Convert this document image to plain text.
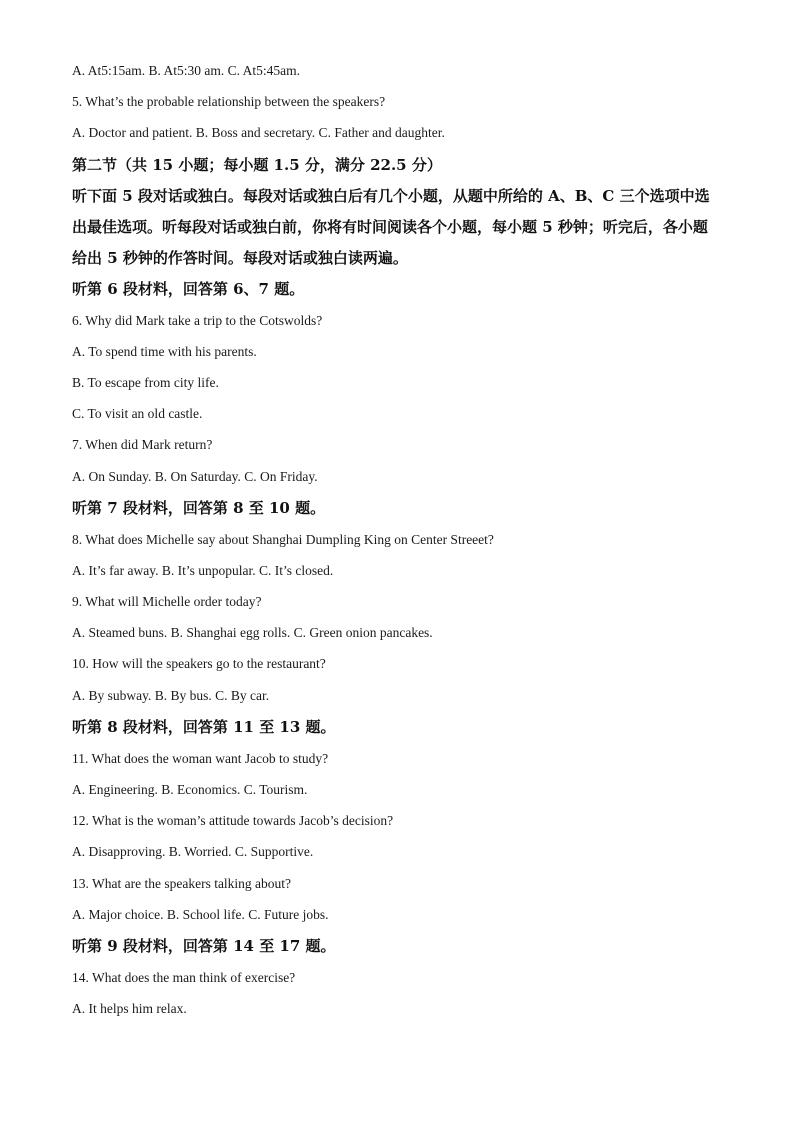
A. At5:15am. B. At5:30 am. C. At5:45am.
5. What’s the probable relationship between the speakers?
A. Doctor and patient. B. Boss and secretary. C. Father and daughter.
第二节（共 15 小题；每小题 1.5 分，满分 22.5 分）
听下面 5 段对话或独白。每段对话或独白后有几个小题，从题中所给的 A、B、C 三个选项中选出最佳选项。听每段对话或独白前，你将有时间阅读各个小题，每小题 5 秒钟；听完后，各小题给出 5 秒钟的作答时间。每段对话或独白读两遍。
听第 6 段材料，回答第 6、7 题。
6. Why did Mark take a trip to the Cotswolds?
A. To spend time with his parents.
B. To escape from city life.
C. To visit an old castle.
7. When did Mark return?
A. On Sunday. B. On Saturday. C. On Friday.
听第 7 段材料，回答第 8 至 10 题。
8. What does Michelle say about Shanghai Dumpling King on Center Streeet?
A. It’s far away. B. It’s unpopular. C. It’s closed.
9. What will Michelle order today?
A. Steamed buns. B. Shanghai egg rolls. C. Green onion pancakes.
10. How will the speakers go to the restaurant?
A. By subway. B. By bus. C. By car.
听第 8 段材料，回答第 11 至 13 题。
11. What does the woman want Jacob to study?
A. Engineering. B. Economics. C. Tourism.
12. What is the woman’s attitude towards Jacob’s decision?
A. Disapproving. B. Worried. C. Supportive.
13. What are the speakers talking about?
A. Major choice. B. School life. C. Future jobs.
听第 9 段材料，回答第 14 至 17 题。
14. What does the man think of exercise?
A. It helps him relax.
